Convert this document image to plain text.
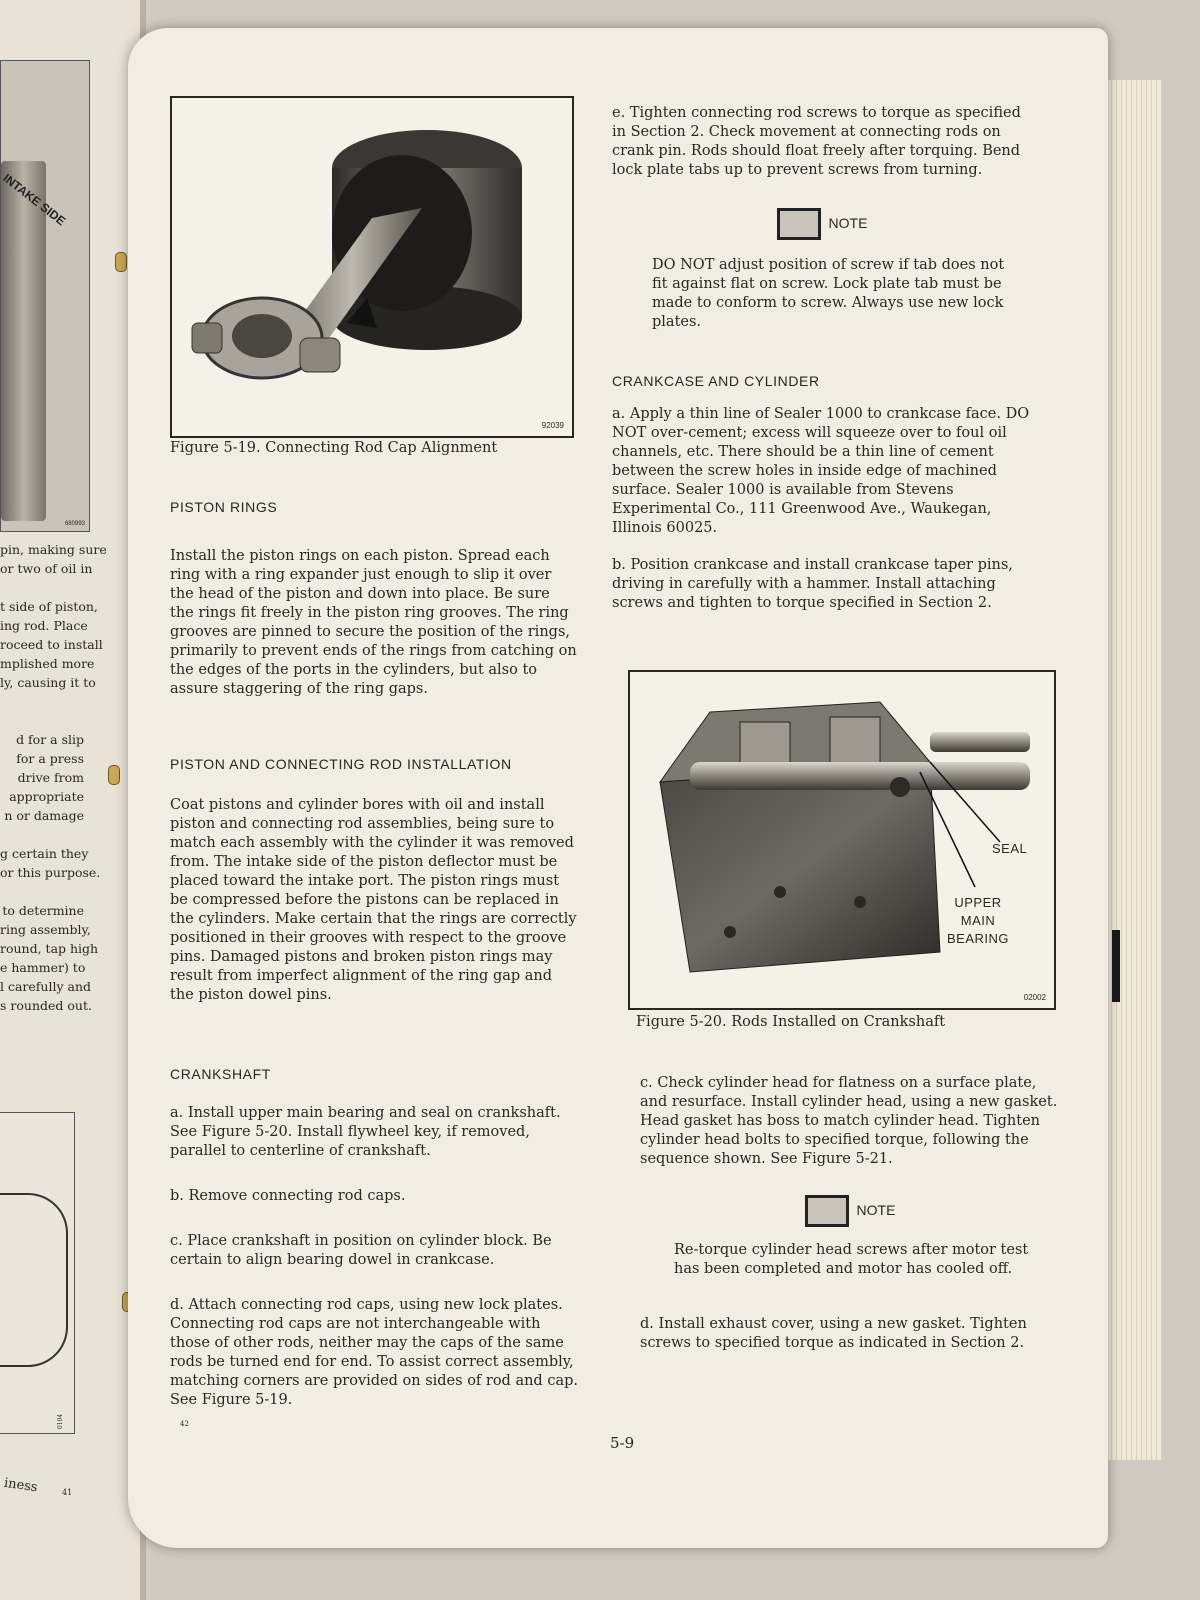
INTAKE SIDE
680993
pin, making sure
or two of oil in

t side of piston,
ing rod. Place
roceed to install
mplished more
ly, causing it to

d for a slip
for a press
drive from
appropriate
n or damage

g certain they
or this purpose.

to determine
ring assembly,
round, tap high
e hammer) to
l carefully and
s rounded out.
0104
iness	41
92039
Figure 5-19. Connecting Rod Cap Alignment

PISTON RINGS

Install the piston rings on each piston. Spread each ring with a ring expander just enough to slip it over the head of the piston and down into place. Be sure the rings fit freely in the piston ring grooves. The ring grooves are pinned to secure the position of the rings, primarily to prevent ends of the rings from catching on the edges of the ports in the cylinders, but also to assure staggering of the ring gaps.

PISTON AND CONNECTING ROD INSTALLATION

Coat pistons and cylinder bores with oil and install piston and connecting rod assemblies, being sure to match each assembly with the cylinder it was removed from. The intake side of the piston deflector must be placed toward the intake port. The piston rings must be compressed before the pistons can be replaced in the cylinders. Make certain that the rings are correctly positioned in their grooves with respect to the groove pins. Damaged pistons and broken piston rings may result from imperfect alignment of the ring gap and the piston dowel pins.

CRANKSHAFT

a. Install upper main bearing and seal on crankshaft. See Figure 5-20. Install flywheel key, if removed, parallel to centerline of crankshaft.

b. Remove connecting rod caps.

c. Place crankshaft in position on cylinder block. Be certain to align bearing dowel in crankcase.

d. Attach connecting rod caps, using new lock plates. Connecting rod caps are not interchangeable with those of other rods, neither may the caps of the same rods be turned end for end. To assist correct assembly, matching corners are provided on sides of rod and cap. See Figure 5-19.

42

e. Tighten connecting rod screws to torque as specified in Section 2. Check movement at connecting rods on crank pin. Rods should float freely after torquing. Bend lock plate tabs up to prevent screws from turning.

NOTE

DO NOT adjust position of screw if tab does not fit against flat on screw. Lock plate tab must be made to conform to screw. Always use new lock plates.

CRANKCASE AND CYLINDER

a. Apply a thin line of Sealer 1000 to crankcase face. DO NOT over-cement; excess will squeeze over to foul oil channels, etc. There should be a thin line of cement between the screw holes in inside edge of machined surface. Sealer 1000 is available from Stevens Experimental Co., 111 Greenwood Ave., Waukegan, Illinois 60025.

b. Position crankcase and install crankcase taper pins, driving in carefully with a hammer. Install attaching screws and tighten to torque specified in Section 2.

SEAL
UPPER MAIN BEARING
02002
Figure 5-20. Rods Installed on Crankshaft

c. Check cylinder head for flatness on a surface plate, and resurface. Install cylinder head, using a new gasket. Head gasket has boss to match cylinder head. Tighten cylinder head bolts to specified torque, following the sequence shown. See Figure 5-21.

NOTE

Re-torque cylinder head screws after motor test has been completed and motor has cooled off.

d. Install exhaust cover, using a new gasket. Tighten screws to specified torque as indicated in Section 2.

5-9
